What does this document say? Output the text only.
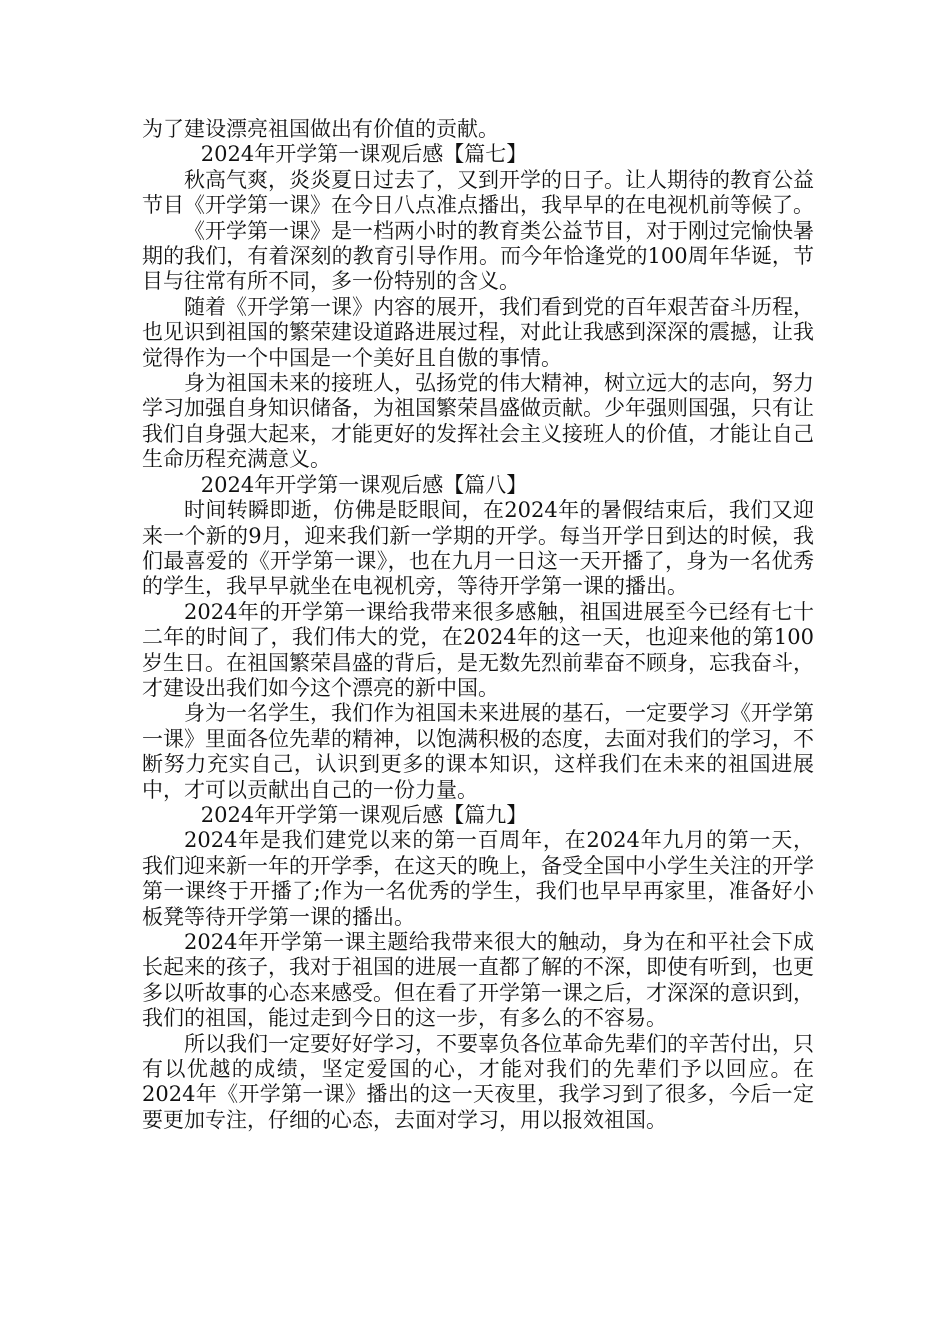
为了建设漂亮祖国做出有价值的贡献。

2024年开学第一课观后感【篇七】

秋高气爽，炎炎夏日过去了，又到开学的日子。让人期待的教育公益节目《开学第一课》在今日八点准点播出，我早早的在电视机前等候了。

《开学第一课》是一档两小时的教育类公益节目，对于刚过完愉快暑期的我们，有着深刻的教育引导作用。而今年恰逢党的100周年华诞，节目与往常有所不同，多一份特别的含义。

随着《开学第一课》内容的展开，我们看到党的百年艰苦奋斗历程，也见识到祖国的繁荣建设道路进展过程，对此让我感到深深的震撼，让我觉得作为一个中国是一个美好且自傲的事情。

身为祖国未来的接班人，弘扬党的伟大精神，树立远大的志向，努力学习加强自身知识储备，为祖国繁荣昌盛做贡献。少年强则国强，只有让我们自身强大起来，才能更好的发挥社会主义接班人的价值，才能让自己生命历程充满意义。

2024年开学第一课观后感【篇八】

时间转瞬即逝，仿佛是眨眼间，在2024年的暑假结束后，我们又迎来一个新的9月，迎来我们新一学期的开学。每当开学日到达的时候，我们最喜爱的《开学第一课》，也在九月一日这一天开播了，身为一名优秀的学生，我早早就坐在电视机旁，等待开学第一课的播出。

2024年的开学第一课给我带来很多感触，祖国进展至今已经有七十二年的时间了，我们伟大的党，在2024年的这一天，也迎来他的第100岁生日。在祖国繁荣昌盛的背后，是无数先烈前辈奋不顾身，忘我奋斗，才建设出我们如今这个漂亮的新中国。

身为一名学生，我们作为祖国未来进展的基石，一定要学习《开学第一课》里面各位先辈的精神，以饱满积极的态度，去面对我们的学习，不断努力充实自己，认识到更多的课本知识，这样我们在未来的祖国进展中，才可以贡献出自己的一份力量。

2024年开学第一课观后感【篇九】

2024年是我们建党以来的第一百周年，在2024年九月的第一天，我们迎来新一年的开学季，在这天的晚上，备受全国中小学生关注的开学第一课终于开播了;作为一名优秀的学生，我们也早早再家里，准备好小板凳等待开学第一课的播出。

2024年开学第一课主题给我带来很大的触动，身为在和平社会下成长起来的孩子，我对于祖国的进展一直都了解的不深，即使有听到，也更多以听故事的心态来感受。但在看了开学第一课之后，才深深的意识到，我们的祖国，能过走到今日的这一步，有多么的不容易。

所以我们一定要好好学习，不要辜负各位革命先辈们的辛苦付出，只有以优越的成绩，坚定爱国的心，才能对我们的先辈们予以回应。在2024年《开学第一课》播出的这一天夜里，我学习到了很多，今后一定要更加专注，仔细的心态，去面对学习，用以报效祖国。
